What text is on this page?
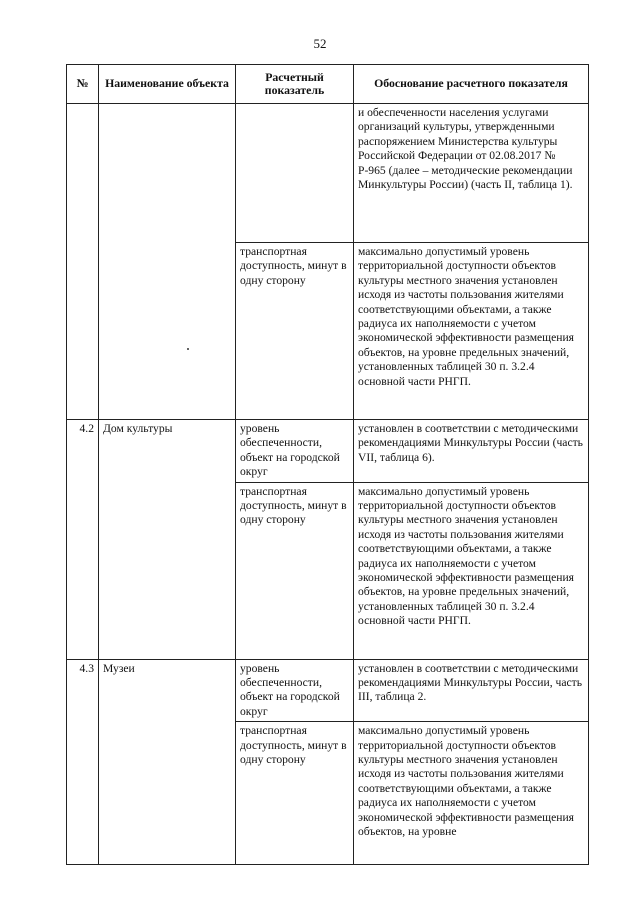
52
№	Наименование объекта	Расчетный показатель	Обоснование расчетного показателя
			и обеспеченности населения услугами организаций культуры, утвержденными распоряжением Министерства культуры Российской Федерации от 02.08.2017 № Р-965 (далее – методические рекомендации Минкультуры России) (часть II, таблица 1).
		транспортная доступность, минут в одну сторону	максимально допустимый уровень территориальной доступности объектов культуры местного значения установлен исходя из частоты пользования жителями соответствующими объектами, а также радиуса их наполняемости с учетом экономической эффективности размещения объектов, на уровне предельных значений, установленных таблицей 30 п. 3.2.4 основной части РНГП.
4.2	Дом культуры	уровень обеспеченности, объект на городской округ	установлен в соответствии с методическими рекомендациями Минкультуры России (часть VII, таблица 6).
		транспортная доступность, минут в одну сторону	максимально допустимый уровень территориальной доступности объектов культуры местного значения установлен исходя из частоты пользования жителями соответствующими объектами, а также радиуса их наполняемости с учетом экономической эффективности размещения объектов, на уровне предельных значений, установленных таблицей 30 п. 3.2.4 основной части РНГП.
4.3	Музеи	уровень обеспеченности, объект на городской округ	установлен в соответствии с методическими рекомендациями Минкультуры России, часть III, таблица 2.
		транспортная доступность, минут в одну сторону	максимально допустимый уровень территориальной доступности объектов культуры местного значения установлен исходя из частоты пользования жителями соответствующими объектами, а также радиуса их наполняемости с учетом экономической эффективности размещения объектов, на уровне
